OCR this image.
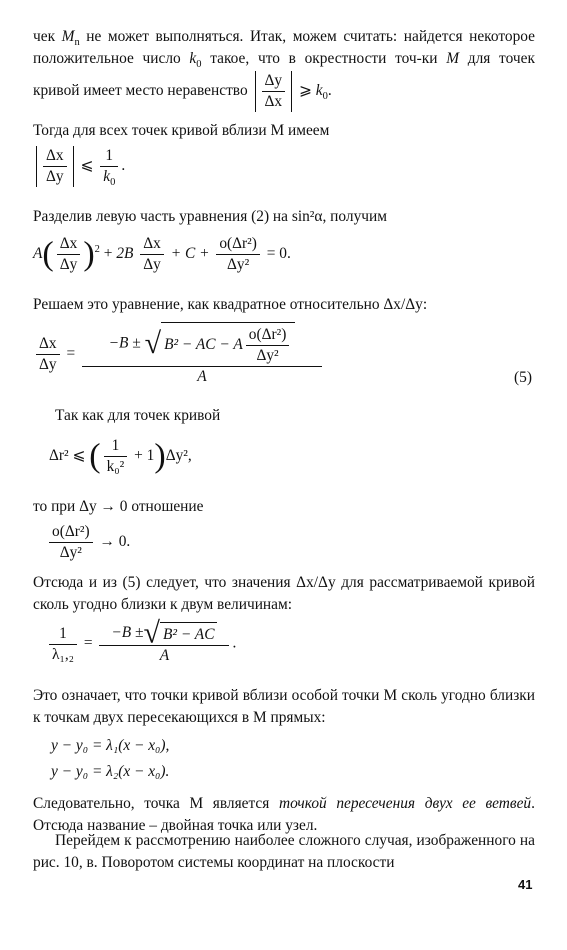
чек $M_n$ не может выполняться. Итак, можем считать: найдется некоторое положительное число $k_0$ такое, что в окрестности точ-ки M для точек кривой имеет место неравенство $\frac{\Delta y}{\Delta x}$ ⩾ $k_0$.

Тогда для всех точек кривой вблизи M имеем

$\frac{\Delta x}{\Delta y}$ ⩽ $\frac{1}{k_0}$ .

Разделив левую часть уравнения (2) на sin²α, получим

$A( \frac{\Delta x}{\Delta y} )^2 + 2B \frac{\Delta x}{\Delta y} + C + \frac{\text{o(Δr²)}}{\text{Δy²}} = 0$.

Решаем это уравнение, как квадратное относительно Δx/Δy:

$\frac{\Delta x}{\Delta y} = \frac{-B \pm √ B^2 - AC - A \frac{\text{o(Δr²)}}{\text{Δy²}}}{A}$	(5)

Так как для точек кривой

Δr² ⩽ ( $\frac{1}{\text{k₀²}} + 1)\Delta y^2$,

то при Δy → 0 отношение

$\frac{\text{o(Δr²)}}{\text{Δy²}} \to 0$.

Отсюда и из (5) следует, что значения Δx/Δy для рассматриваемой кривой сколь угодно близки к двум величинам:

$\frac{1}{\text{λ₁,₂}} = \frac{\text{−B ±√ B² − AC}}{A}$ .

Это означает, что точки кривой вблизи особой точки M сколь угодно близки к точкам двух пересекающихся в M прямых:

y − y₀ = λ₁(x − x₀),
y − y₀ = λ₂(x − x₀).

Следовательно, точка M является точкой пересечения двух ее ветвей. Отсюда название – двойная точка или узел.

Перейдем к рассмотрению наиболее сложного случая, изображенного на рис. 10, в. Поворотом системы координат на плоскости

41
